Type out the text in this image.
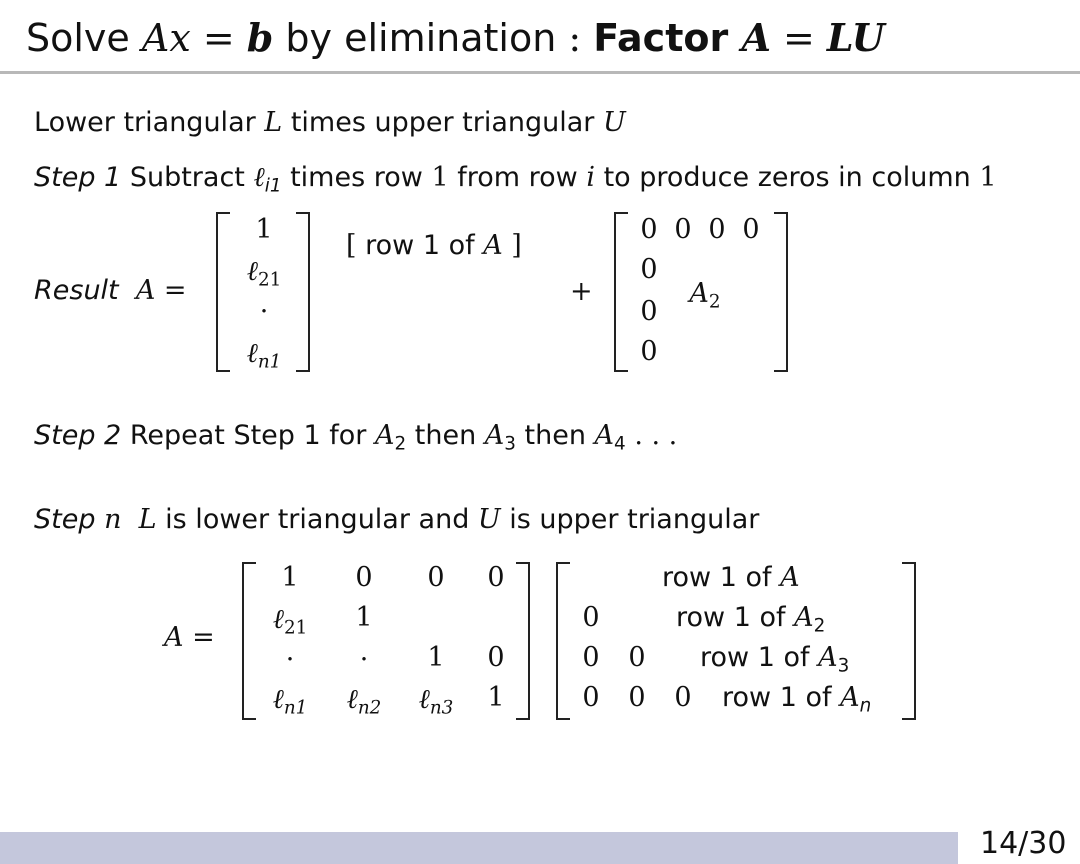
Solve Ax = b by elimination : Factor A = LU
Lower triangular L times upper triangular U
Step 1 Subtract ℓ$_{i1}$ times row 1 from row i to produce zeros in column 1
Result A =
1
ℓ$_{21}$
·
ℓ$_{n1}$
[ row 1 of A ]
+
0 0 0 0
0
0
0
$A_2$
Step 2 Repeat Step 1 for $A_2$ then $A_3$ then $A_4$ . . .
Step n L is lower triangular and U is upper triangular
A =
1	0	0	0
ℓ$_{21}$	1
·	·	1	0
ℓ$_{n1}$	ℓ$_{n2}$	ℓ$_{n3}$	1
row 1 of A
0	row 1 of $A_2$
0 0 row 1 of $A_3$
0 0 0 row 1 of $A_n$
14/30
